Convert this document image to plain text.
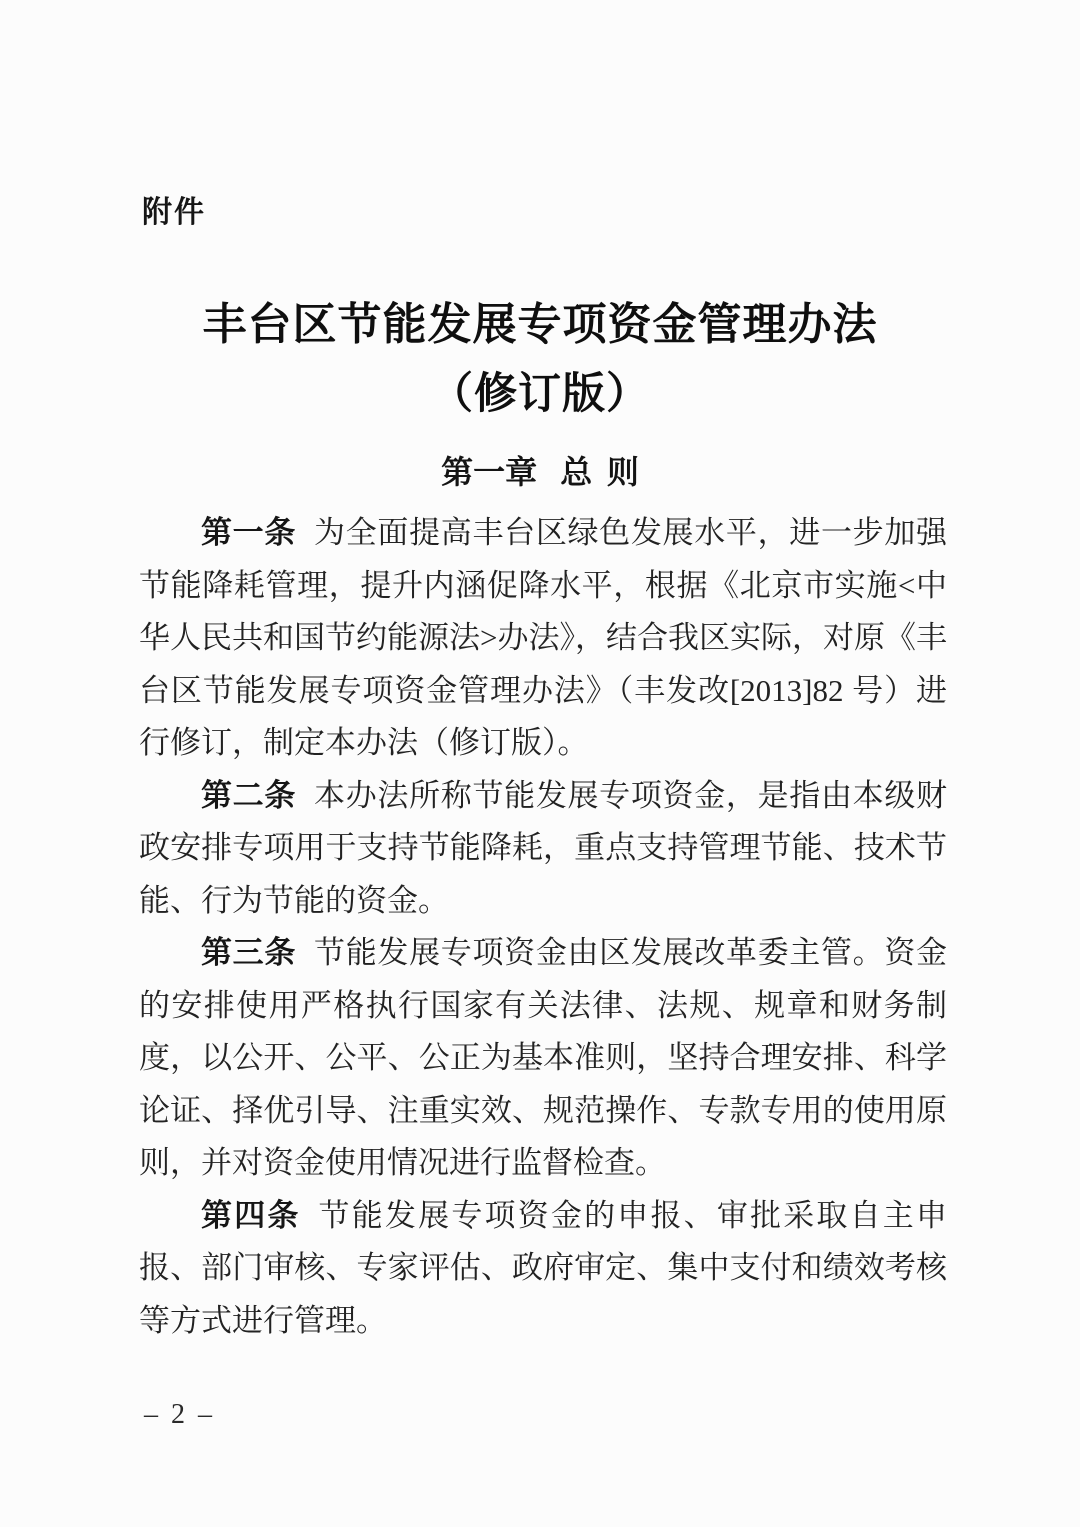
附件
丰台区节能发展专项资金管理办法
（修订版）
第一章 总 则

第一条 为全面提高丰台区绿色发展水平，进一步加强节能降耗管理，提升内涵促降水平，根据《北京市实施<中华人民共和国节约能源法>办法》，结合我区实际，对原《丰台区节能发展专项资金管理办法》（丰发改[2013]82 号）进行修订，制定本办法（修订版）。

第二条 本办法所称节能发展专项资金，是指由本级财政安排专项用于支持节能降耗，重点支持管理节能、技术节能、行为节能的资金。

第三条 节能发展专项资金由区发展改革委主管。资金的安排使用严格执行国家有关法律、法规、规章和财务制度，以公开、公平、公正为基本准则，坚持合理安排、科学论证、择优引导、注重实效、规范操作、专款专用的使用原则，并对资金使用情况进行监督检查。

第四条 节能发展专项资金的申报、审批采取自主申报、部门审核、专家评估、政府审定、集中支付和绩效考核等方式进行管理。

– 2 –
